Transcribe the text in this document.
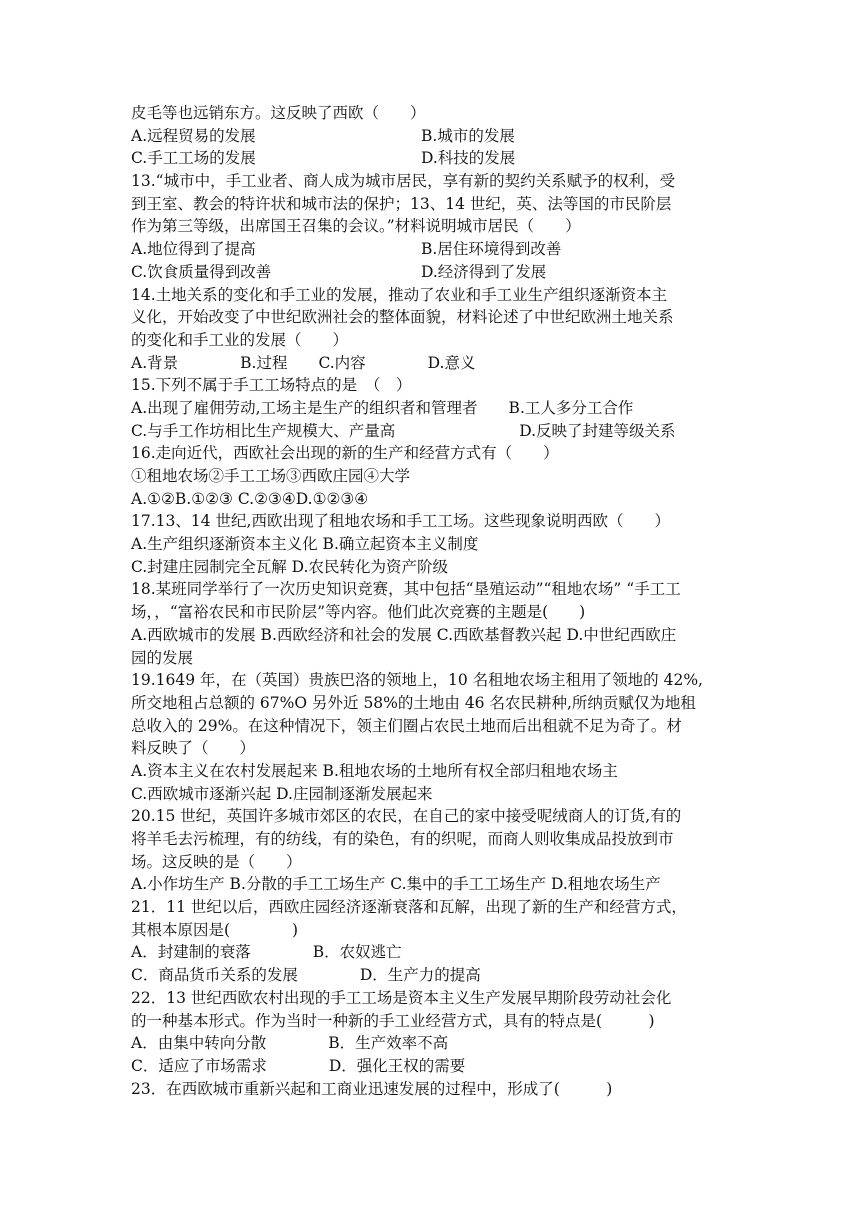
皮毛等也远销东方。这反映了西欧（　　）
A.远程贸易的发展	B.城市的发展
C.手工工场的发展	D.科技的发展
13.“城市中，手工业者、商人成为城市居民，享有新的契约关系赋予的权利，受
到王室、教会的特许状和城市法的保护；13、14 世纪，英、法等国的市民阶层
作为第三等级，出席国王召集的会议。”材料说明城市居民（　　）
A.地位得到了提高	B.居住环境得到改善
C.饮食质量得到改善	D.经济得到了发展
14.土地关系的变化和手工业的发展，推动了农业和手工业生产组织逐渐资本主
义化，开始改变了中世纪欧洲社会的整体面貌，材料论述了中世纪欧洲土地关系
的变化和手工业的发展（　　）
A.背景　　　　B.过程　　C.内容　　　　D.意义
15.下列不属于手工工场特点的是　（　）
A.出现了雇佣劳动,工场主是生产的组织者和管理者　　B.工人多分工合作
C.与手工作坊相比生产规模大、产量高　　　　　　　　D.反映了封建等级关系
16.走向近代，西欧社会出现的新的生产和经营方式有（　　）
①租地农场②手工工场③西欧庄园④大学
A.①②B.①②③ C.②③④D.①②③④
17.13、14 世纪,西欧出现了租地农场和手工工场。这些现象说明西欧（　　）
A.生产组织逐渐资本主义化 B.确立起资本主义制度
C.封建庄园制完全瓦解 D.农民转化为资产阶级
18.某班同学举行了一次历史知识竞赛，其中包括“垦殖运动”“租地农场” “手工工
场，，“富裕农民和市民阶层”等内容。他们此次竞赛的主题是(　　)
A.西欧城市的发展 B.西欧经济和社会的发展 C.西欧基督教兴起 D.中世纪西欧庄
园的发展
19.1649 年，在（英国）贵族巴洛的领地上，10 名租地农场主租用了领地的 42%,
所交地租占总额的 67%O 另外近 58%的土地由 46 名农民耕种,所纳贡赋仅为地租
总收入的 29%。在这种情况下，领主们圈占农民土地而后出租就不足为奇了。材
料反映了（　　）
A.资本主义在农村发展起来 B.租地农场的土地所有权全部归租地农场主
C.西欧城市逐渐兴起 D.庄园制逐渐发展起来
20.15 世纪，英国许多城市郊区的农民，在自己的家中接受呢绒商人的订货,有的
将羊毛去污梳理，有的纺线，有的染色，有的织呢，而商人则收集成品投放到市
场。这反映的是（　　）
A.小作坊生产 B.分散的手工工场生产 C.集中的手工工场生产 D.租地农场生产
21．11 世纪以后，西欧庄园经济逐渐衰落和瓦解，出现了新的生产和经营方式，
其根本原因是(　　　　)
A．封建制的衰落　　　　B．农奴逃亡
C．商品货币关系的发展　　　　D．生产力的提高
22．13 世纪西欧农村出现的手工工场是资本主义生产发展早期阶段劳动社会化
的一种基本形式。作为当时一种新的手工业经营方式，具有的特点是(　　　)
A．由集中转向分散　　　　B．生产效率不高
C．适应了市场需求　　　　D．强化王权的需要
23．在西欧城市重新兴起和工商业迅速发展的过程中，形成了(　　　)
